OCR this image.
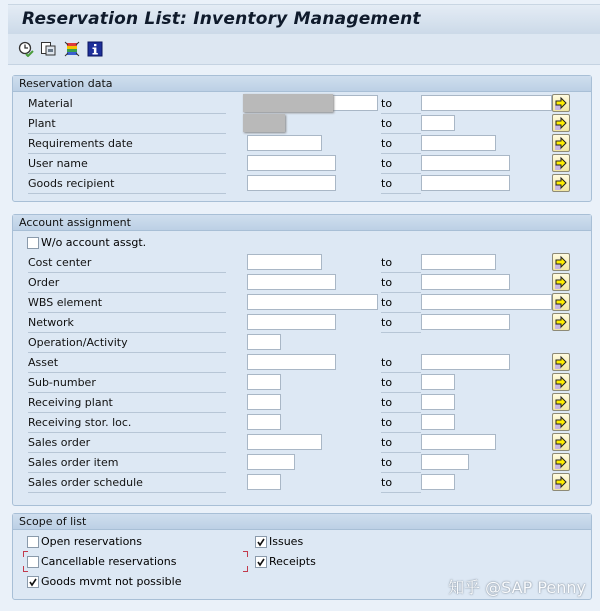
Reservation List: Inventory Management
Reservation data
Material	to
Plant	to
Requirements date	to
User name	to
Goods recipient	to
Account assignment
W/o account assgt.
Cost center	to
Order	to
WBS element	to
Network	to
Operation/Activity
Asset	to
Sub-number	to
Receiving plant	to
Receiving stor. loc.	to
Sales order	to
Sales order item	to
Sales order schedule	to
Scope of list
Open reservations
Cancellable reservations
Goods mvmt not possible
Issues
Receipts
知乎 @SAP Penny
